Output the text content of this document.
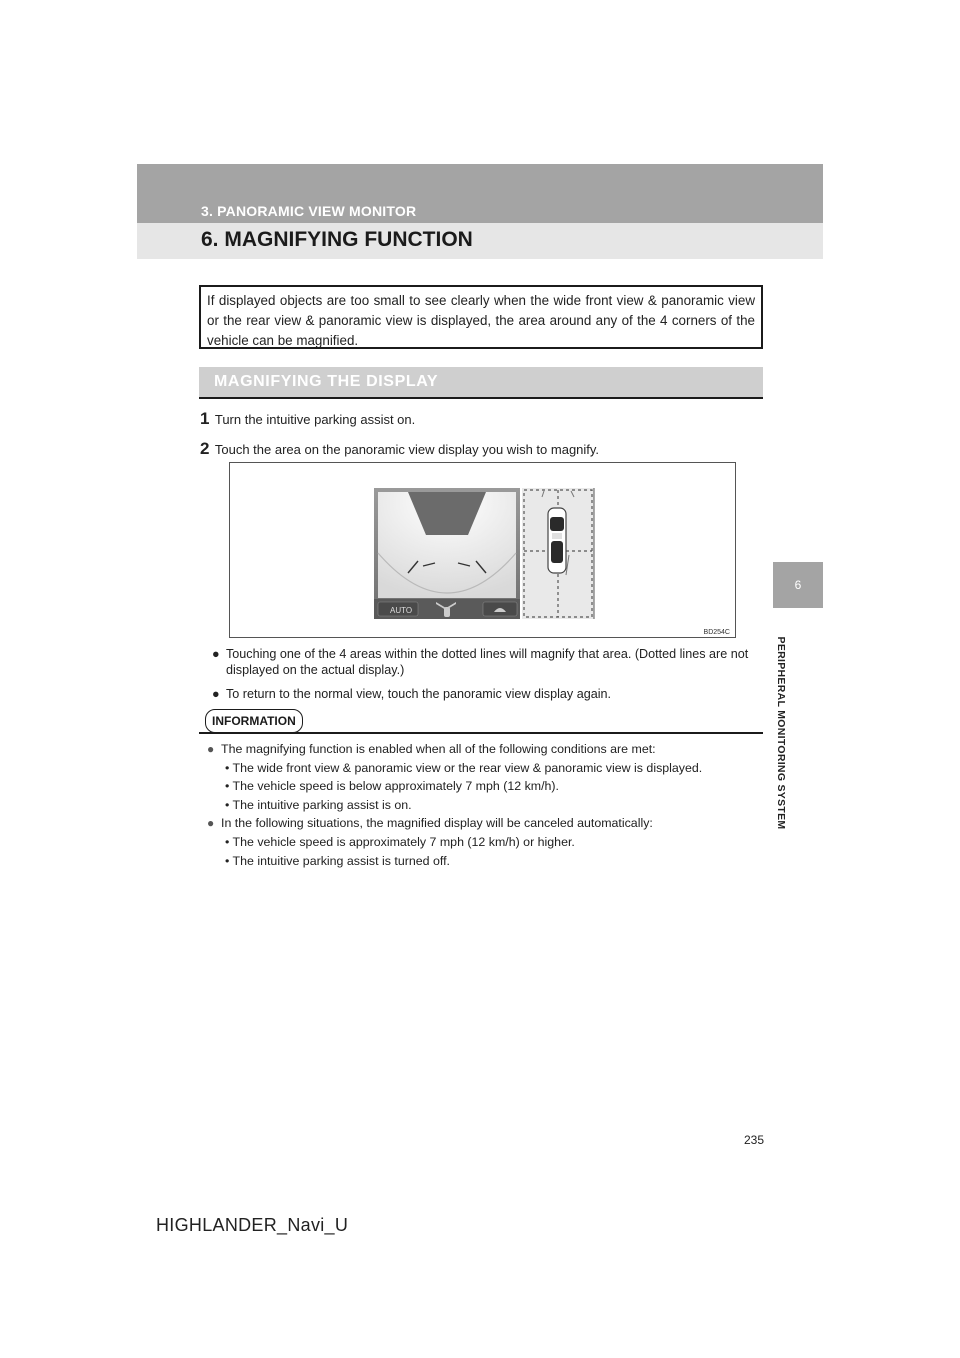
3. PANORAMIC VIEW MONITOR
6. MAGNIFYING FUNCTION
6
PERIPHERAL MONITORING SYSTEM
If displayed objects are too small to see clearly when the wide front view & panoramic view or the rear view & panoramic view is displayed, the area around any of the 4 corners of the vehicle can be magnified.
MAGNIFYING THE DISPLAY
1 Turn the intuitive parking assist on.
2 Touch the area on the panoramic view display you wish to magnify.
AUTO
BD254C
● Touching one of the 4 areas within the dotted lines will magnify that area. (Dotted lines are not displayed on the actual display.)
● To return to the normal view, touch the panoramic view display again.
INFORMATION
● The magnifying function is enabled when all of the following conditions are met:
• The wide front view & panoramic view or the rear view & panoramic view is displayed.
• The vehicle speed is below approximately 7 mph (12 km/h).
• The intuitive parking assist is on.
● In the following situations, the magnified display will be canceled automatically:
• The vehicle speed is approximately 7 mph (12 km/h) or higher.
• The intuitive parking assist is turned off.
235
HIGHLANDER_Navi_U
